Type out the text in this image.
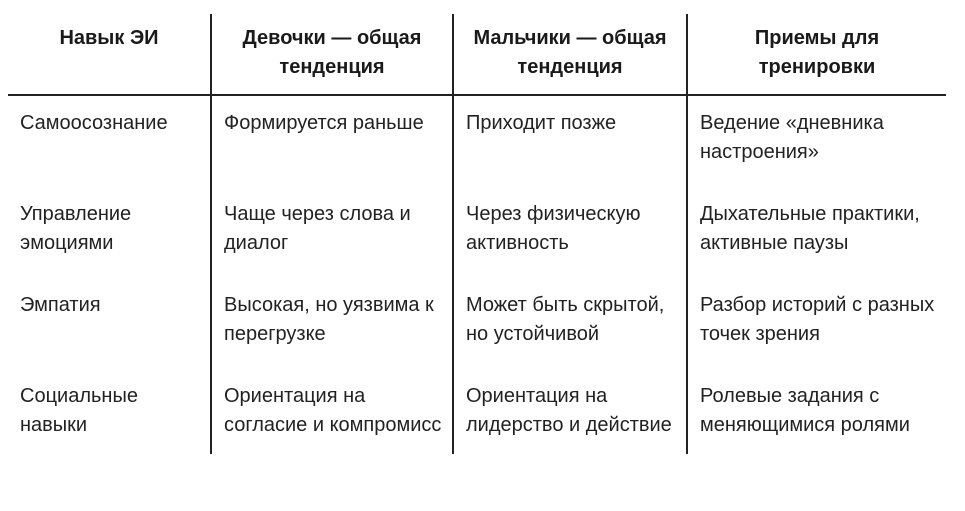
Навык ЭИ	Девочки — общая тенденция	Мальчики — общая тенденция	Приемы для тренировки
Самоосознание	Формируется раньше	Приходит позже	Ведение «дневника настроения»
Управление эмоциями	Чаще через слова и диалог	Через физическую активность	Дыхательные практики, активные паузы
Эмпатия	Высокая, но уязвима к перегрузке	Может быть скрытой, но устойчивой	Разбор историй с разных точек зрения
Социальные навыки	Ориентация на согласие и компромисс	Ориентация на лидерство и действие	Ролевые задания с меняющимися ролями
